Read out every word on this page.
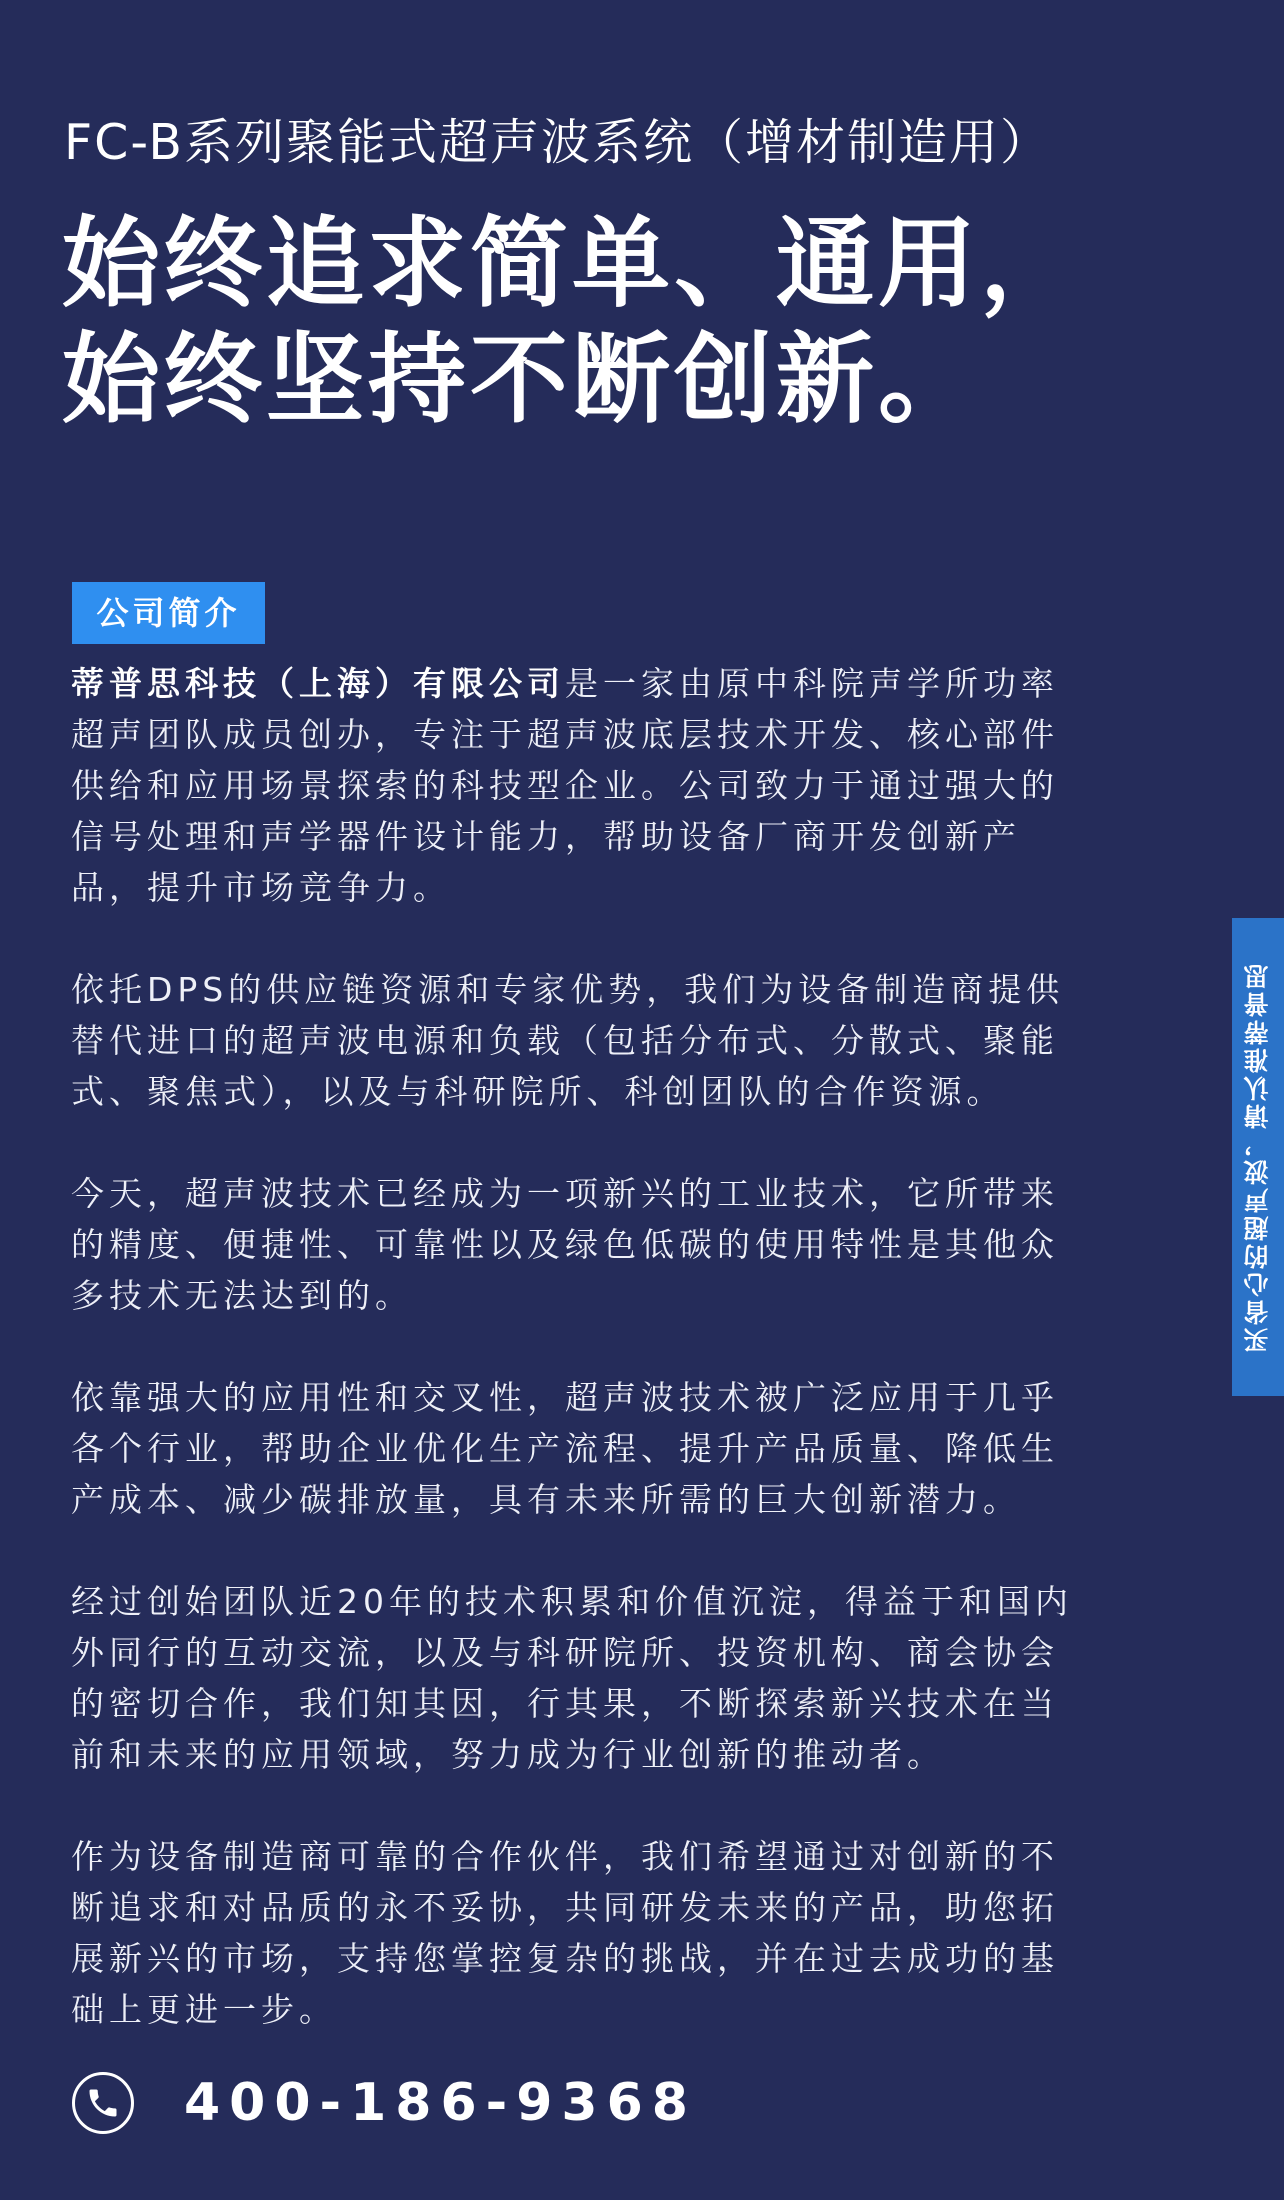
FC-B系列聚能式超声波系统（增材制造用）
始终追求简单、通用，
始终坚持不断创新。
公司简介

蒂普思科技（上海）有限公司是一家由原中科院声学所功率
超声团队成员创办，专注于超声波底层技术开发、核心部件
供给和应用场景探索的科技型企业。公司致力于通过强大的
信号处理和声学器件设计能力，帮助设备厂商开发创新产
品，提升市场竞争力。

依托DPS的供应链资源和专家优势，我们为设备制造商提供
替代进口的超声波电源和负载（包括分布式、分散式、聚能
式、聚焦式），以及与科研院所、科创团队的合作资源。

今天，超声波技术已经成为一项新兴的工业技术，它所带来
的精度、便捷性、可靠性以及绿色低碳的使用特性是其他众
多技术无法达到的。

依靠强大的应用性和交叉性，超声波技术被广泛应用于几乎
各个行业，帮助企业优化生产流程、提升产品质量、降低生
产成本、减少碳排放量，具有未来所需的巨大创新潜力。

经过创始团队近20年的技术积累和价值沉淀，得益于和国内
外同行的互动交流，以及与科研院所、投资机构、商会协会
的密切合作，我们知其因，行其果，不断探索新兴技术在当
前和未来的应用领域，努力成为行业创新的推动者。

作为设备制造商可靠的合作伙伴，我们希望通过对创新的不
断追求和对品质的永不妥协，共同研发未来的产品，助您拓
展新兴的市场，支持您掌控复杂的挑战，并在过去成功的基
础上更进一步。

买省心的超声波，请认准蒂普思
400-186-9368
